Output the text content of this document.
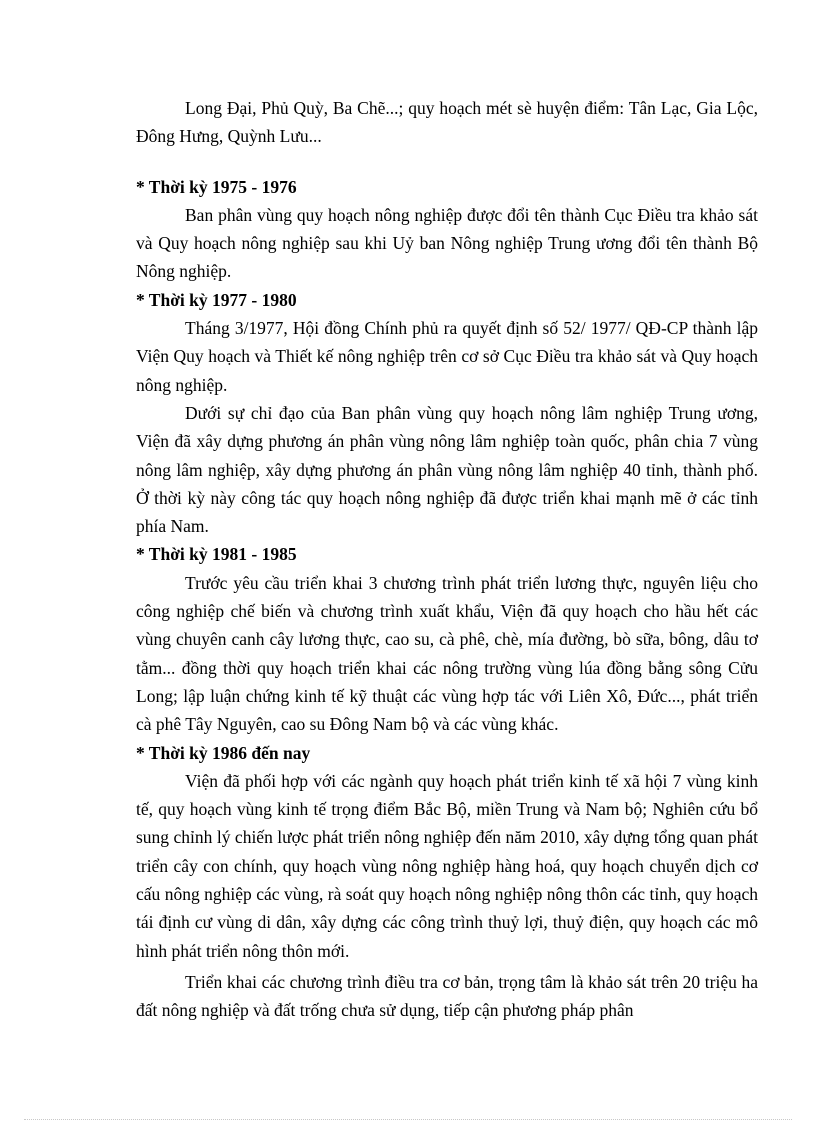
Long Đại, Phủ Quỳ, Ba Chẽ...; quy hoạch mét sè huyện điểm: Tân Lạc, Gia Lộc, Đông Hưng, Quỳnh Lưu...

* Thời kỳ 1975 - 1976

Ban phân vùng quy hoạch nông nghiệp được đổi tên thành Cục Điều tra khảo sát và Quy hoạch nông nghiệp sau khi Uỷ ban Nông nghiệp Trung ương đổi tên thành Bộ Nông nghiệp.

* Thời kỳ 1977 - 1980

Tháng 3/1977, Hội đồng Chính phủ ra quyết định số 52/ 1977/ QĐ-CP thành lập Viện Quy hoạch và Thiết kế nông nghiệp trên cơ sở Cục Điều tra khảo sát và Quy hoạch nông nghiệp.

Dưới sự chỉ đạo của Ban phân vùng quy hoạch nông lâm nghiệp Trung ương, Viện đã xây dựng phương án phân vùng nông lâm nghiệp toàn quốc, phân chia 7 vùng nông lâm nghiệp, xây dựng phương án phân vùng nông lâm nghiệp 40 tỉnh, thành phố. Ở thời kỳ này công tác quy hoạch nông nghiệp đã được triển khai mạnh mẽ ở các tỉnh phía Nam.

* Thời kỳ 1981 - 1985

Trước yêu cầu triển khai 3 chương trình phát triển lương thực, nguyên liệu cho công nghiệp chế biến và chương trình xuất khẩu, Viện đã quy hoạch cho hầu hết các vùng chuyên canh cây lương thực, cao su, cà phê, chè, mía đường, bò sữa, bông, dâu tơ tằm... đồng thời quy hoạch triển khai các nông trường vùng lúa đồng bằng sông Cửu Long; lập luận chứng kinh tế kỹ thuật các vùng hợp tác với Liên Xô, Đức..., phát triển cà phê Tây Nguyên, cao su Đông Nam bộ và các vùng khác.

* Thời kỳ 1986 đến nay

Viện đã phối hợp với các ngành quy hoạch phát triển kinh tế xã hội 7 vùng kinh tế, quy hoạch vùng kinh tế trọng điểm Bắc Bộ, miền Trung và Nam bộ; Nghiên cứu bổ sung chỉnh lý chiến lược phát triển nông nghiệp đến năm 2010, xây dựng tổng quan phát triển cây con chính, quy hoạch vùng nông nghiệp hàng hoá, quy hoạch chuyển dịch cơ cấu nông nghiệp các vùng, rà soát quy hoạch nông nghiệp nông thôn các tỉnh, quy hoạch tái định cư vùng di dân, xây dựng các công trình thuỷ lợi, thuỷ điện, quy hoạch các mô hình phát triển nông thôn mới.

Triển khai các chương trình điều tra cơ bản, trọng tâm là khảo sát trên 20 triệu ha đất nông nghiệp và đất trống chưa sử dụng, tiếp cận phương pháp phân
